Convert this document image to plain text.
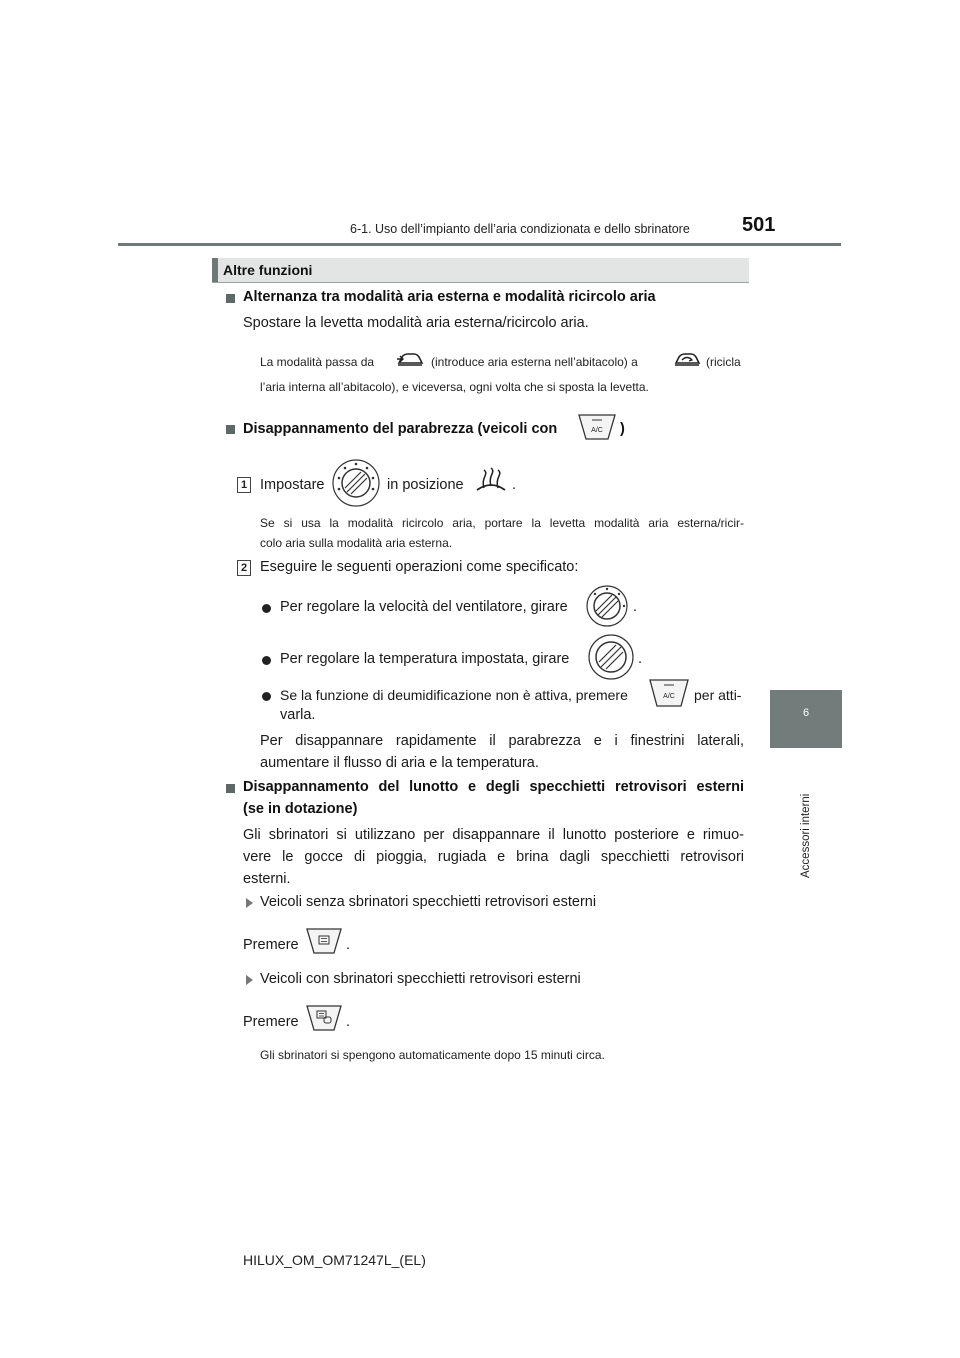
6-1. Uso dell’impianto dell’aria condizionata e dello sbrinatore	501
6
Accessori interni
Altre funzioni
Alternanza tra modalità aria esterna e modalità ricircolo aria
Spostare la levetta modalità aria esterna/ricircolo aria.
La modalità passa da	(introduce aria esterna nell’abitacolo) a	(ricicla
l’aria interna all’abitacolo), e viceversa, ogni volta che si sposta la levetta.
Disappannamento del parabrezza (veicoli con	A/C )
1 Impostare	in posizione	.
Se si usa la modalità ricircolo aria, portare la levetta modalità aria esterna/ricir-
colo aria sulla modalità aria esterna.
2 Eseguire le seguenti operazioni come specificato:
Per regolare la velocità del ventilatore, girare	.
Per regolare la temperatura impostata, girare	.
Se la funzione di deumidificazione non è attiva, premere	A/C per atti-
varla.
Per disappannare rapidamente il parabrezza e i finestrini laterali,
aumentare il flusso di aria e la temperatura.
Disappannamento del lunotto e degli specchietti retrovisori esterni
(se in dotazione)
Gli sbrinatori si utilizzano per disappannare il lunotto posteriore e rimuo-
vere le gocce di pioggia, rugiada e brina dagli specchietti retrovisori
esterni.
Veicoli senza sbrinatori specchietti retrovisori esterni
Premere	.
Veicoli con sbrinatori specchietti retrovisori esterni
Premere	.
Gli sbrinatori si spengono automaticamente dopo 15 minuti circa.
HILUX_OM_OM71247L_(EL)
